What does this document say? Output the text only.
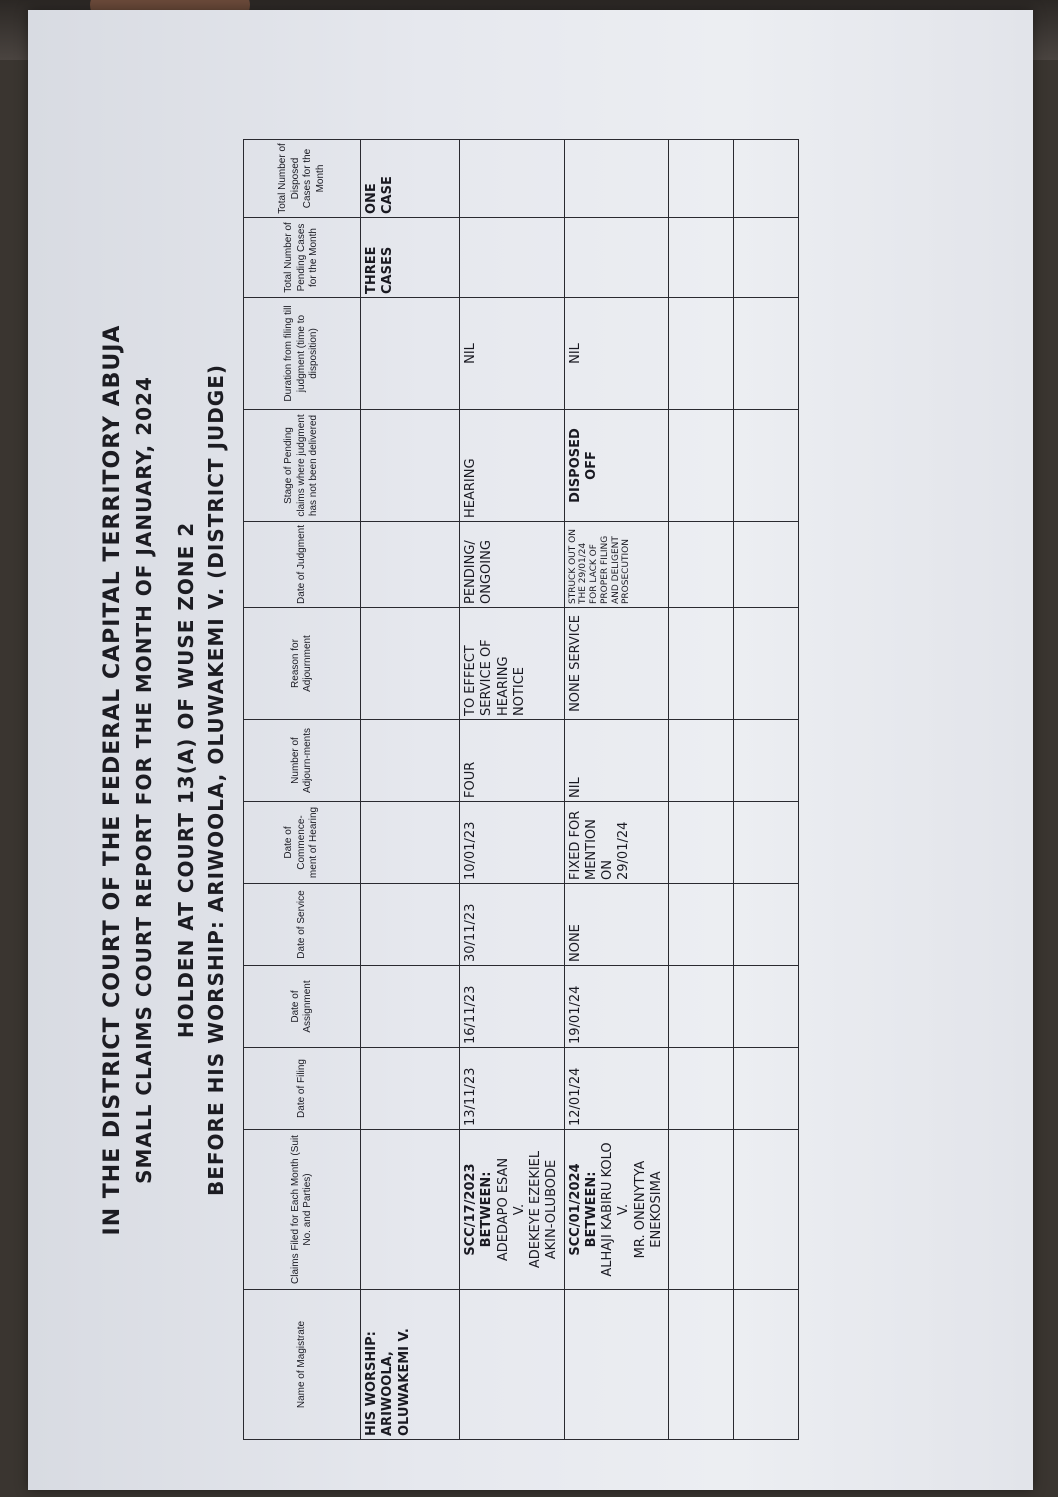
IN THE DISTRICT COURT OF THE FEDERAL CAPITAL TERRITORY ABUJA SMALL CLAIMS COURT REPORT FOR THE MONTH OF JANUARY, 2024 HOLDEN AT COURT 13(A) OF WUSE ZONE 2 BEFORE HIS WORSHIP: ARIWOOLA, OLUWAKEMI V. (DISTRICT JUDGE)
Name of Magistrate	Claims Filed for Each Month (Suit No. and Parties)	Date of Filing	Date of Assignment	Date of Service	Date of Commence-ment of Hearing	Number of Adjourn-ments	Reason for Adjournment	Date of Judgment	Stage of Pending claims where judgment has not been delivered	Duration from filing till judgment (time to disposition)	Total Number of Pending Cases for the Month	Total Number of Disposed Cases for the Month

HIS WORSHIP: ARIWOOLA, OLUWAKEMI V.											THREE CASES	ONE CASE

	SCC/17/2023 BETWEEN: ADEDAPO ESAN V. ADEKEYE EZEKIEL AKIN-OLUBODE	13/11/23	16/11/23	30/11/23	10/01/23	FOUR	TO EFFECT SERVICE OF HEARING NOTICE	PENDING/ ONGOING	HEARING	NIL		

	SCC/01/2024 BETWEEN: ALHAJI KABIRU KOLO V. MR. ONENYTYA ENEKOSIMA	12/01/24	19/01/24	NONE	FIXED FOR MENTION ON 29/01/24	NIL	NONE SERVICE	STRUCK OUT ON THE 29/01/24 FOR LACK OF PROPER FILING AND DELIGENT PROSECUTION	DISPOSED OFF	NIL		
